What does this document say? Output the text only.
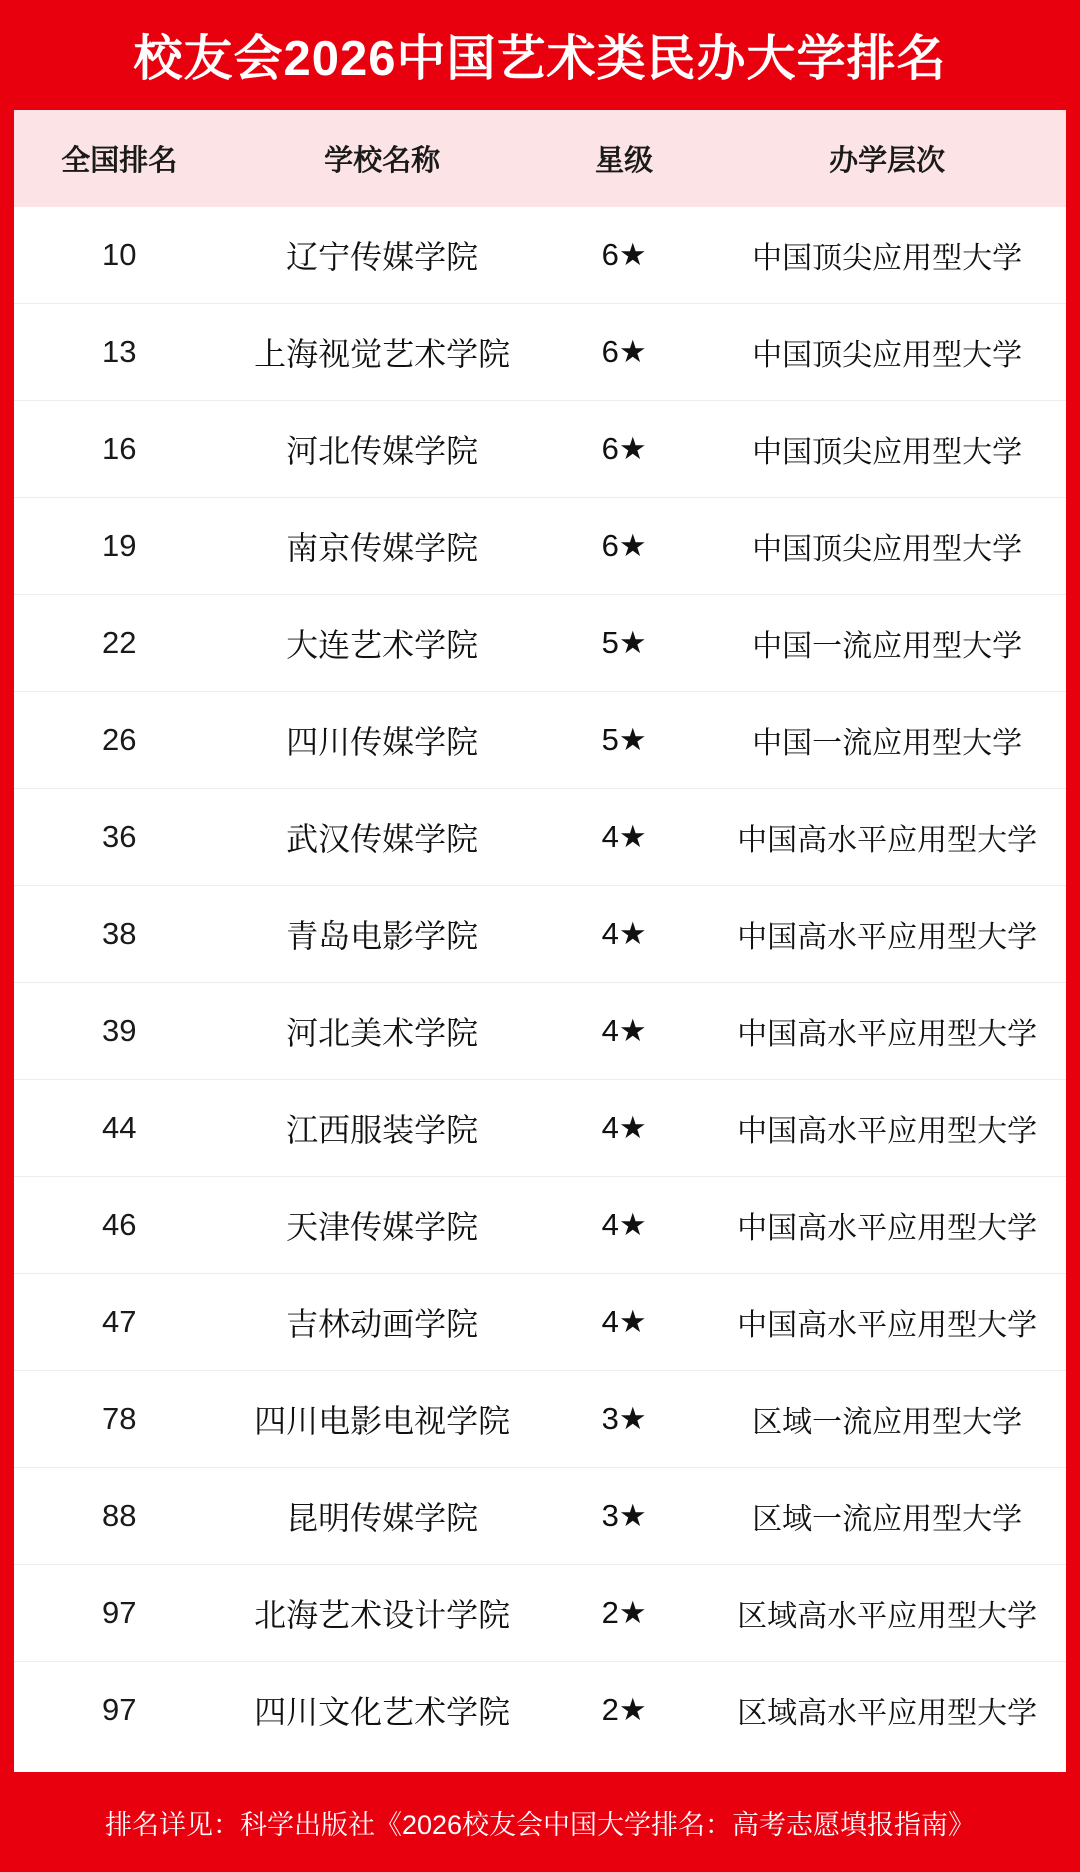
校友会2026中国艺术类民办大学排名
全国排名	学校名称	星级	办学层次
10	辽宁传媒学院	6★	中国顶尖应用型大学
13	上海视觉艺术学院	6★	中国顶尖应用型大学
16	河北传媒学院	6★	中国顶尖应用型大学
19	南京传媒学院	6★	中国顶尖应用型大学
22	大连艺术学院	5★	中国一流应用型大学
26	四川传媒学院	5★	中国一流应用型大学
36	武汉传媒学院	4★	中国高水平应用型大学
38	青岛电影学院	4★	中国高水平应用型大学
39	河北美术学院	4★	中国高水平应用型大学
44	江西服装学院	4★	中国高水平应用型大学
46	天津传媒学院	4★	中国高水平应用型大学
47	吉林动画学院	4★	中国高水平应用型大学
78	四川电影电视学院	3★	区域一流应用型大学
88	昆明传媒学院	3★	区域一流应用型大学
97	北海艺术设计学院	2★	区域高水平应用型大学
97	四川文化艺术学院	2★	区域高水平应用型大学
排名详见：科学出版社《2026校友会中国大学排名：高考志愿填报指南》
